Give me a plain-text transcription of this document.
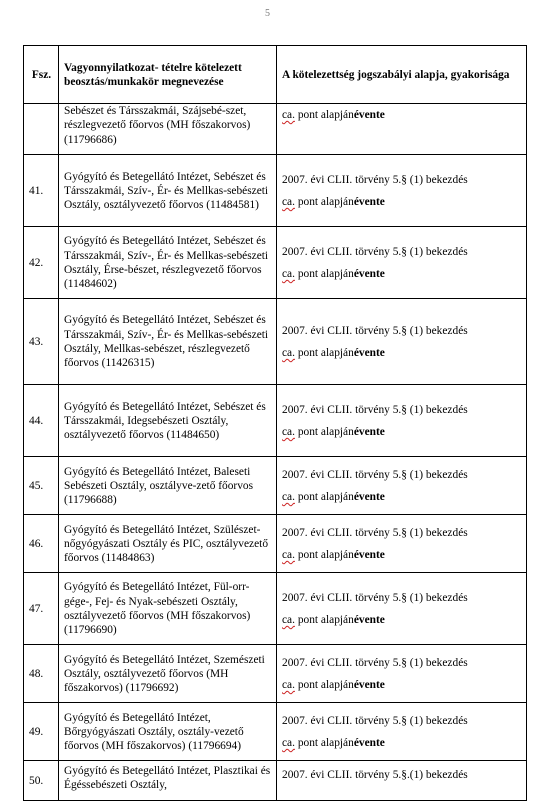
5
Fsz.	Vagyonnyilatkozat- tételre kötelezett beosztás/munkakör megnevezése	A kötelezettség jogszabályi alapja, gyakorisága
	Sebészet és Társszakmái, Szájsebé-szet, részlegvezető főorvos (MH főszakorvos) (11796686)	ca. pont alapjánévente
41.	Gyógyító és Betegellátó Intézet, Sebészet és Társszakmái, Szív-, Ér- és Mellkas-sebészeti Osztály, osztályvezető főorvos (11484581)	2007. évi CLII. törvény 5.§ (1) bekezdés
ca. pont alapjánévente
42.	Gyógyító és Betegellátó Intézet, Sebészet és Társszakmái, Szív-, Ér- és Mellkas-sebészeti Osztály, Érse-bészet, részlegvezető főorvos (11484602)	2007. évi CLII. törvény 5.§ (1) bekezdés
ca. pont alapjánévente
43.	Gyógyító és Betegellátó Intézet, Sebészet és Társszakmái, Szív-, Ér- és Mellkas-sebészeti Osztály, Mellkas-sebészet, részlegvezető főorvos (11426315)	2007. évi CLII. törvény 5.§ (1) bekezdés
ca. pont alapjánévente
44.	Gyógyító és Betegellátó Intézet, Sebészet és Társszakmái, Idegsebészeti Osztály, osztályvezető főorvos (11484650)	2007. évi CLII. törvény 5.§ (1) bekezdés
ca. pont alapjánévente
45.	Gyógyító és Betegellátó Intézet, Baleseti Sebészeti Osztály, osztályve-zető főorvos (11796688)	2007. évi CLII. törvény 5.§ (1) bekezdés
ca. pont alapjánévente
46.	Gyógyító és Betegellátó Intézet, Szülészet-nőgyógyászati Osztály és PIC, osztályvezető főorvos (11484863)	2007. évi CLII. törvény 5.§ (1) bekezdés
ca. pont alapjánévente
47.	Gyógyító és Betegellátó Intézet, Fül-orr-gége-, Fej- és Nyak-sebészeti Osztály, osztályvezető főorvos (MH főszakorvos) (11796690)	2007. évi CLII. törvény 5.§ (1) bekezdés
ca. pont alapjánévente
48.	Gyógyító és Betegellátó Intézet, Szemészeti Osztály, osztályvezető főorvos (MH főszakorvos) (11796692)	2007. évi CLII. törvény 5.§ (1) bekezdés
ca. pont alapjánévente
49.	Gyógyító és Betegellátó Intézet, Bőrgyógyászati Osztály, osztály-vezető főorvos (MH főszakorvos) (11796694)	2007. évi CLII. törvény 5.§ (1) bekezdés
ca. pont alapjánévente
50.	Gyógyító és Betegellátó Intézet, Plasztikai és Égéssebészeti Osztály,	2007. évi CLII. törvény 5.§.(1) bekezdés
